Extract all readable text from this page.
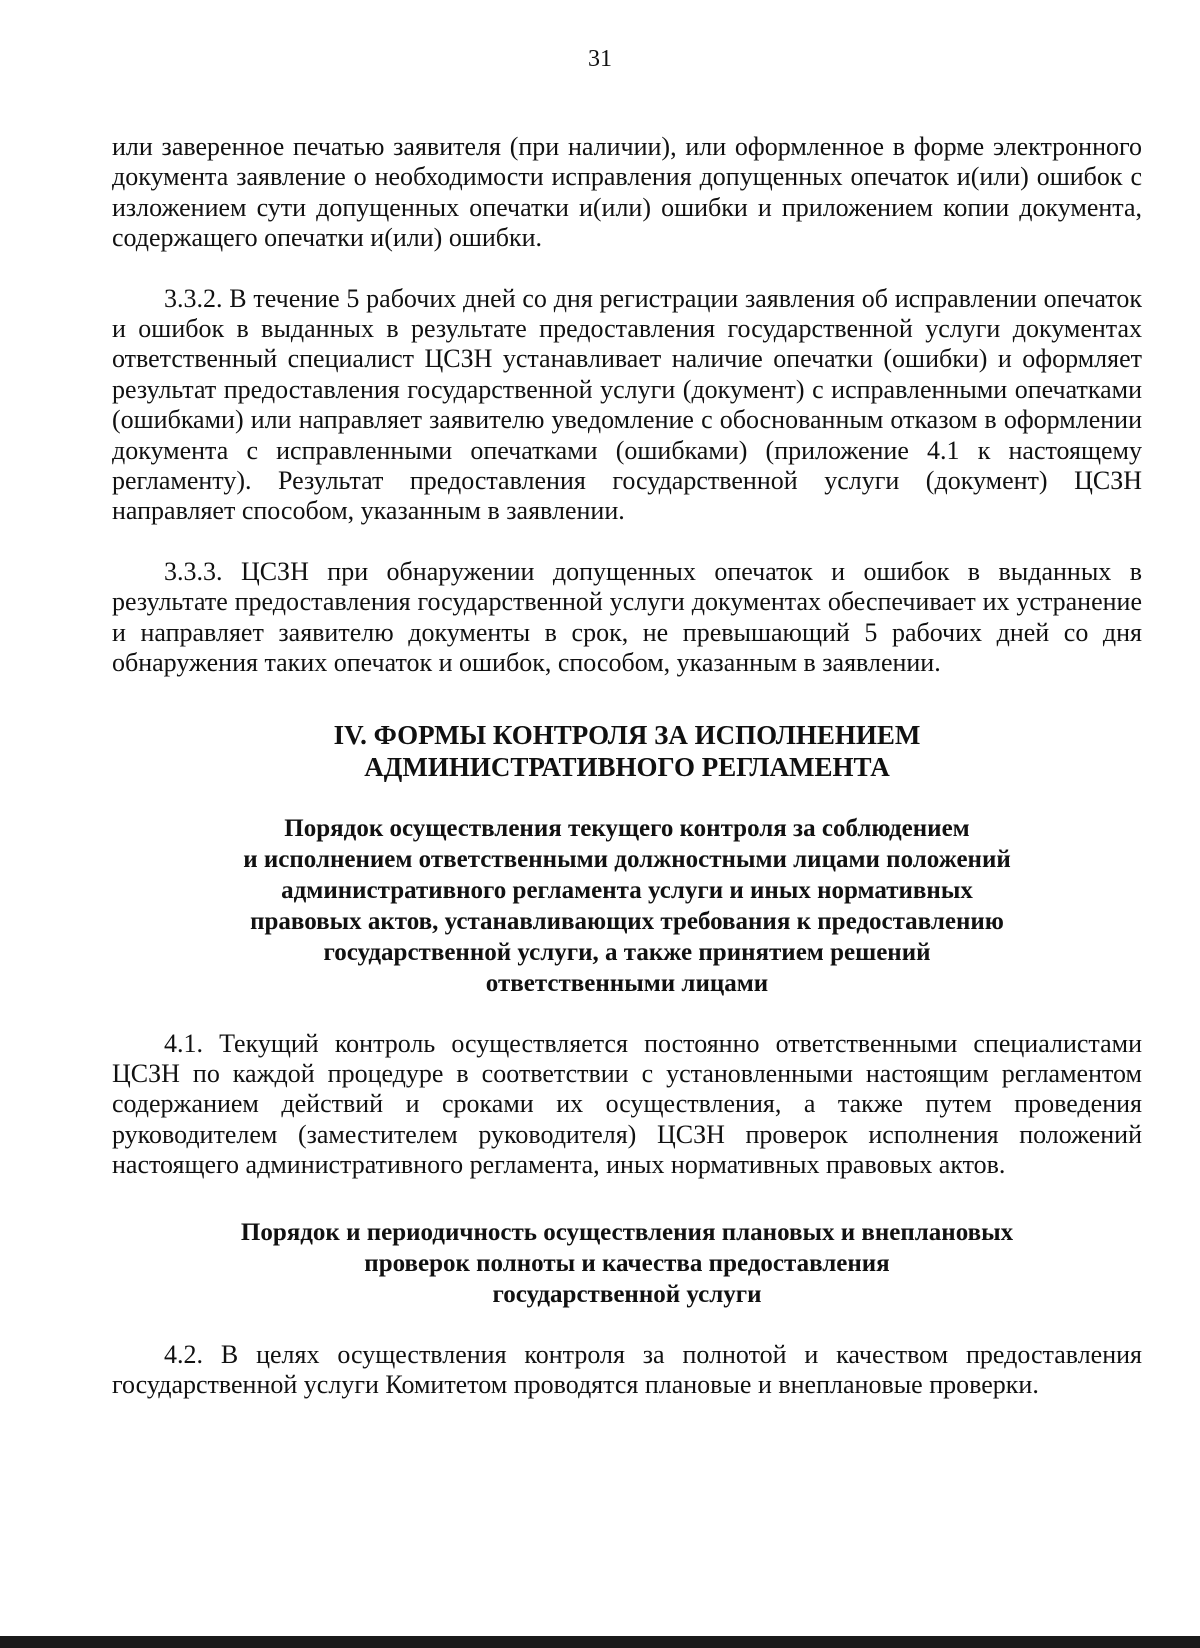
31

или заверенное печатью заявителя (при наличии), или оформленное в форме электронного документа заявление о необходимости исправления допущенных опечаток и(или) ошибок с изложением сути допущенных опечатки и(или) ошибки и приложением копии документа, содержащего опечатки и(или) ошибки.

3.3.2. В течение 5 рабочих дней со дня регистрации заявления об исправлении опечаток и ошибок в выданных в результате предоставления государственной услуги документах ответственный специалист ЦСЗН устанавливает наличие опечатки (ошибки) и оформляет результат предоставления государственной услуги (документ) с исправленными опечатками (ошибками) или направляет заявителю уведомление с обоснованным отказом в оформлении документа с исправленными опечатками (ошибками) (приложение 4.1 к настоящему регламенту). Результат предоставления государственной услуги (документ) ЦСЗН направляет способом, указанным в заявлении.

3.3.3. ЦСЗН при обнаружении допущенных опечаток и ошибок в выданных в результате предоставления государственной услуги документах обеспечивает их устранение и направляет заявителю документы в срок, не превышающий 5 рабочих дней со дня обнаружения таких опечаток и ошибок, способом, указанным в заявлении.

IV. ФОРМЫ КОНТРОЛЯ ЗА ИСПОЛНЕНИЕМ
АДМИНИСТРАТИВНОГО РЕГЛАМЕНТА
Порядок осуществления текущего контроля за соблюдением
и исполнением ответственными должностными лицами положений
административного регламента услуги и иных нормативных
правовых актов, устанавливающих требования к предоставлению
государственной услуги, а также принятием решений
ответственными лицами

4.1. Текущий контроль осуществляется постоянно ответственными специалистами ЦСЗН по каждой процедуре в соответствии с установленными настоящим регламентом содержанием действий и сроками их осуществления, а также путем проведения руководителем (заместителем руководителя) ЦСЗН проверок исполнения положений настоящего административного регламента, иных нормативных правовых актов.

Порядок и периодичность осуществления плановых и внеплановых
проверок полноты и качества предоставления
государственной услуги

4.2. В целях осуществления контроля за полнотой и качеством предоставления государственной услуги Комитетом проводятся плановые и внеплановые проверки.
